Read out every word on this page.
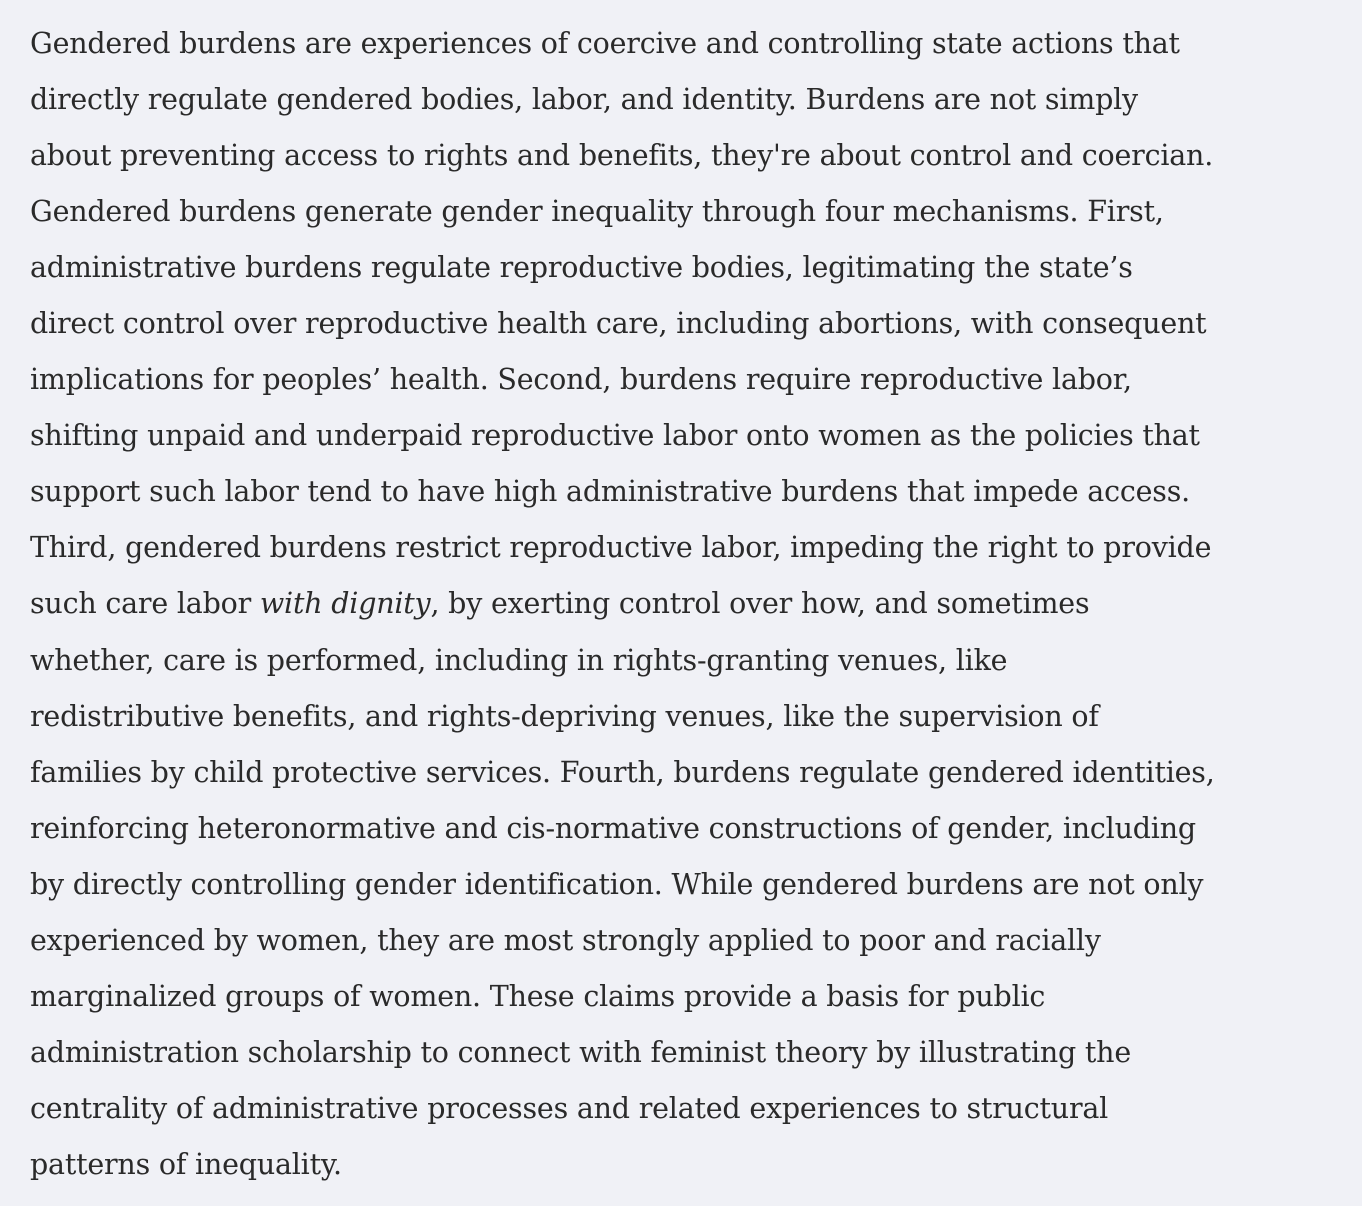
Gendered burdens are experiences of coercive and controlling state actions that
directly regulate gendered bodies, labor, and identity. Burdens are not simply
about preventing access to rights and benefits, they're about control and coercian.
Gendered burdens generate gender inequality through four mechanisms. First,
administrative burdens regulate reproductive bodies, legitimating the state’s
direct control over reproductive health care, including abortions, with consequent
implications for peoples’ health. Second, burdens require reproductive labor,
shifting unpaid and underpaid reproductive labor onto women as the policies that
support such labor tend to have high administrative burdens that impede access.
Third, gendered burdens restrict reproductive labor, impeding the right to provide
such care labor with dignity, by exerting control over how, and sometimes
whether, care is performed, including in rights-granting venues, like
redistributive benefits, and rights-depriving venues, like the supervision of
families by child protective services. Fourth, burdens regulate gendered identities,
reinforcing heteronormative and cis-normative constructions of gender, including
by directly controlling gender identification. While gendered burdens are not only
experienced by women, they are most strongly applied to poor and racially
marginalized groups of women. These claims provide a basis for public
administration scholarship to connect with feminist theory by illustrating the
centrality of administrative processes and related experiences to structural
patterns of inequality.
